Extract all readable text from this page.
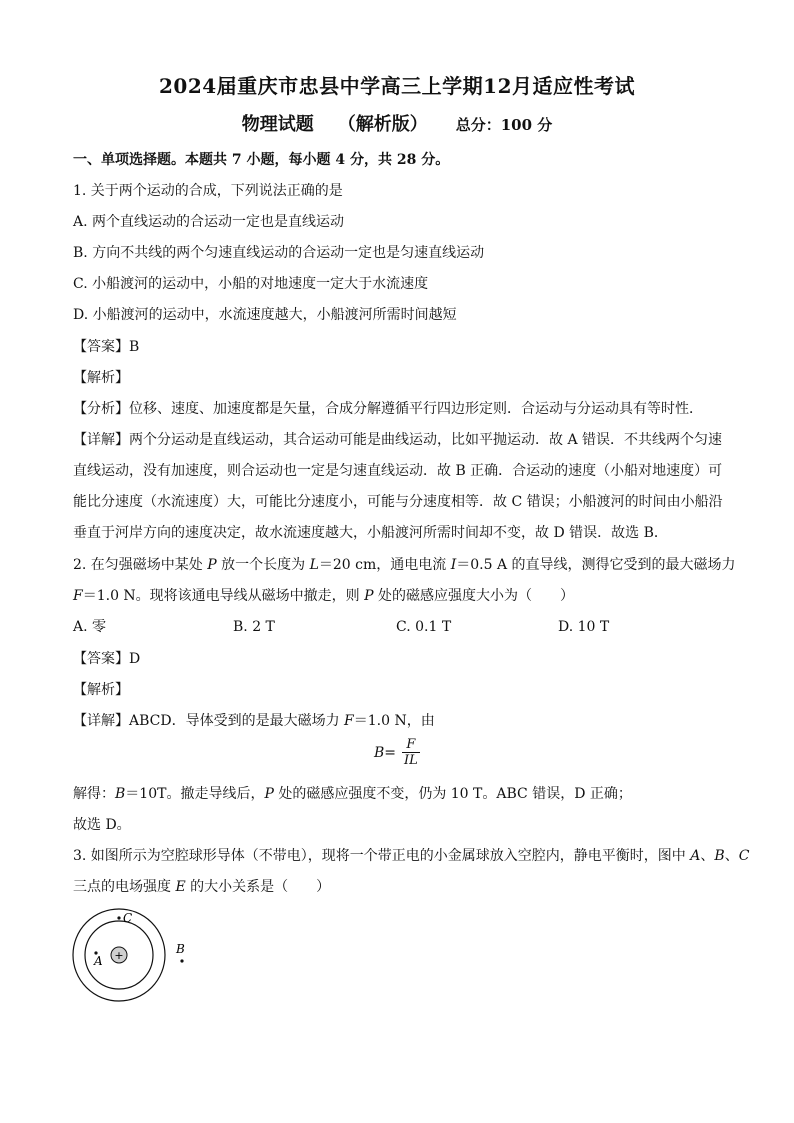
2024届重庆市忠县中学高三上学期12月适应性考试
物理试题 （解析版） 总分：100 分
一、单项选择题。本题共 7 小题，每小题 4 分，共 28 分。
1. 关于两个运动的合成，下列说法正确的是
A. 两个直线运动的合运动一定也是直线运动
B. 方向不共线的两个匀速直线运动的合运动一定也是匀速直线运动
C. 小船渡河的运动中，小船的对地速度一定大于水流速度
D. 小船渡河的运动中，水流速度越大，小船渡河所需时间越短
【答案】B
【解析】
【分析】位移、速度、加速度都是矢量，合成分解遵循平行四边形定则．合运动与分运动具有等时性．
【详解】两个分运动是直线运动，其合运动可能是曲线运动，比如平抛运动．故 A 错误．不共线两个匀速
直线运动，没有加速度，则合运动也一定是匀速直线运动．故 B 正确．合运动的速度（小船对地速度）可
能比分速度（水流速度）大，可能比分速度小，可能与分速度相等．故 C 错误；小船渡河的时间由小船沿
垂直于河岸方向的速度决定，故水流速度越大，小船渡河所需时间却不变，故 D 错误．故选 B．
2. 在匀强磁场中某处 P 放一个长度为 L＝20 cm，通电电流 I＝0.5 A 的直导线，测得它受到的最大磁场力
F＝1.0 N。现将该通电导线从磁场中撤走，则 P 处的磁感应强度大小为（　　）
A. 零	B. 2 T	C. 0.1 T	D. 10 T
【答案】D
【解析】
【详解】ABCD．导体受到的是最大磁场力 F＝1.0 N，由
$B= \frac{F}{IL}$
解得：B＝10T。撤走导线后，P 处的磁感应强度不变，仍为 10 T。ABC 错误，D 正确；
故选 D。
3. 如图所示为空腔球形导体（不带电），现将一个带正电的小金属球放入空腔内，静电平衡时，图中 A、B、C
三点的电场强度 E 的大小关系是（　　）
+
A
C
B
